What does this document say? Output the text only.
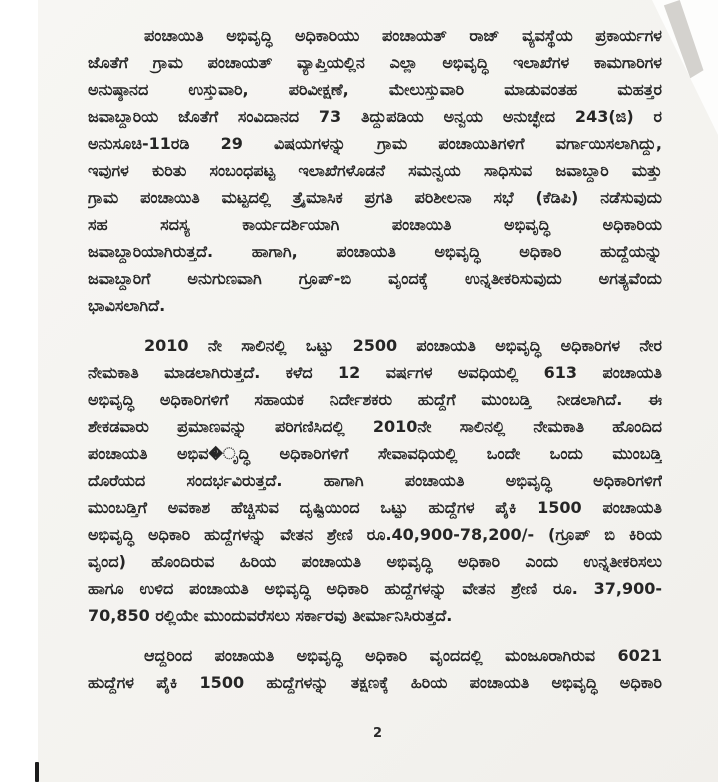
ಪಂಚಾಯಿತಿ ಅಭಿವೃದ್ಧಿ ಅಧಿಕಾರಿಯು ಪಂಚಾಯತ್ ರಾಜ್ ವ್ಯವಸ್ಥೆಯ ಪ್ರಕಾರ್ಯಗಳ
ಜೊತೆಗೆ ಗ್ರಾಮ ಪಂಚಾಯತ್ ವ್ಯಾಪ್ತಿಯಲ್ಲಿನ ಎಲ್ಲಾ ಅಭಿವೃದ್ಧಿ ಇಲಾಖೆಗಳ ಕಾಮಗಾರಿಗಳ
ಅನುಷ್ಠಾನದ ಉಸ್ತುವಾರಿ, ಪರಿವೀಕ್ಷಣೆ, ಮೇಲುಸ್ತುವಾರಿ ಮಾಡುವಂತಹ ಮಹತ್ತರ
ಜವಾಬ್ದಾರಿಯ ಜೊತೆಗೆ ಸಂವಿದಾನದ 73 ತಿದ್ದುಪಡಿಯ ಅನ್ವಯ ಅನುಚ್ಛೇದ 243(ಜಿ) ರ
ಅನುಸೂಚಿ-11ರಡಿ 29 ವಿಷಯಗಳನ್ನು ಗ್ರಾಮ ಪಂಚಾಯಿತಿಗಳಿಗೆ ವರ್ಗಾಯಿಸಲಾಗಿದ್ದು,
ಇವುಗಳ ಕುರಿತು ಸಂಬಂಧಪಟ್ಟ ಇಲಾಖೆಗಳೊಡನೆ ಸಮನ್ವಯ ಸಾಧಿಸುವ ಜವಾಬ್ದಾರಿ ಮತ್ತು
ಗ್ರಾಮ ಪಂಚಾಯಿತಿ ಮಟ್ಟದಲ್ಲಿ ತ್ರೈಮಾಸಿಕ ಪ್ರಗತಿ ಪರಿಶೀಲನಾ ಸಭೆ (ಕೆಡಿಪಿ) ನಡೆಸುವುದು
ಸಹ ಸದಸ್ಯ ಕಾರ್ಯದರ್ಶಿಯಾಗಿ ಪಂಚಾಯಿತಿ ಅಭಿವೃದ್ಧಿ ಅಧಿಕಾರಿಯ
ಜವಾಬ್ದಾರಿಯಾಗಿರುತ್ತದೆ. ಹಾಗಾಗಿ, ಪಂಚಾಯತಿ ಅಭಿವೃದ್ಧಿ ಅಧಿಕಾರಿ ಹುದ್ದೆಯನ್ನು
ಜವಾಬ್ದಾರಿಗೆ ಅನುಗುಣವಾಗಿ ಗ್ರೂಪ್-ಬಿ ವೃಂದಕ್ಕೆ ಉನ್ನತೀಕರಿಸುವುದು ಅಗತ್ಯವೆಂದು
ಭಾವಿಸಲಾಗಿದೆ.
2010 ನೇ ಸಾಲಿನಲ್ಲಿ ಒಟ್ಟು 2500 ಪಂಚಾಯತಿ ಅಭಿವೃದ್ಧಿ ಅಧಿಕಾರಿಗಳ ನೇರ
ನೇಮಕಾತಿ ಮಾಡಲಾಗಿರುತ್ತದೆ. ಕಳೆದ 12 ವರ್ಷಗಳ ಅವಧಿಯಲ್ಲಿ 613 ಪಂಚಾಯತಿ
ಅಭಿವೃದ್ಧಿ ಅಧಿಕಾರಿಗಳಿಗೆ ಸಹಾಯಕ ನಿರ್ದೇಶಕರು ಹುದ್ದೆಗೆ ಮುಂಬಡ್ತಿ ನೀಡಲಾಗಿದೆ. ಈ
ಶೇಕಡವಾರು ಪ್ರಮಾಣವನ್ನು ಪರಿಗಣಿಸಿದಲ್ಲಿ 2010ನೇ ಸಾಲಿನಲ್ಲಿ ನೇಮಕಾತಿ ಹೊಂದಿದ
ಪಂಚಾಯತಿ ಅಭಿವ�ೃದ್ಧಿ ಅಧಿಕಾರಿಗಳಿಗೆ ಸೇವಾವಧಿಯಲ್ಲಿ ಒಂದೇ ಒಂದು ಮುಂಬಡ್ತಿ
ದೊರೆಯದ ಸಂದರ್ಭವಿರುತ್ತದೆ. ಹಾಗಾಗಿ ಪಂಚಾಯತಿ ಅಭಿವೃದ್ಧಿ ಅಧಿಕಾರಿಗಳಿಗೆ
ಮುಂಬಡ್ತಿಗೆ ಅವಕಾಶ ಹೆಚ್ಚಿಸುವ ದೃಷ್ಟಿಯಿಂದ ಒಟ್ಟು ಹುದ್ದೆಗಳ ಪೈಕಿ 1500 ಪಂಚಾಯತಿ
ಅಭಿವೃದ್ಧಿ ಅಧಿಕಾರಿ ಹುದ್ದೆಗಳನ್ನು ವೇತನ ಶ್ರೇಣಿ ರೂ.40,900-78,200/- (ಗ್ರೂಪ್ ಬಿ ಕಿರಿಯ
ವೃಂದ) ಹೊಂದಿರುವ ಹಿರಿಯ ಪಂಚಾಯತಿ ಅಭಿವೃದ್ಧಿ ಅಧಿಕಾರಿ ಎಂದು ಉನ್ನತೀಕರಿಸಲು
ಹಾಗೂ ಉಳಿದ ಪಂಚಾಯತಿ ಅಭಿವೃದ್ಧಿ ಅಧಿಕಾರಿ ಹುದ್ದೆಗಳನ್ನು ವೇತನ ಶ್ರೇಣಿ ರೂ. 37,900-
70,850 ರಲ್ಲಿಯೇ ಮುಂದುವರೆಸಲು ಸರ್ಕಾರವು ತೀರ್ಮಾನಿಸಿರುತ್ತದೆ.
ಆದ್ದರಿಂದ ಪಂಚಾಯತಿ ಅಭಿವೃದ್ಧಿ ಅಧಿಕಾರಿ ವೃಂದದಲ್ಲಿ ಮಂಜೂರಾಗಿರುವ 6021
ಹುದ್ದೆಗಳ ಪೈಕಿ 1500 ಹುದ್ದೆಗಳನ್ನು ತಕ್ಷಣಕ್ಕೆ ಹಿರಿಯ ಪಂಚಾಯತಿ ಅಭಿವೃದ್ಧಿ ಅಧಿಕಾರಿ
2
